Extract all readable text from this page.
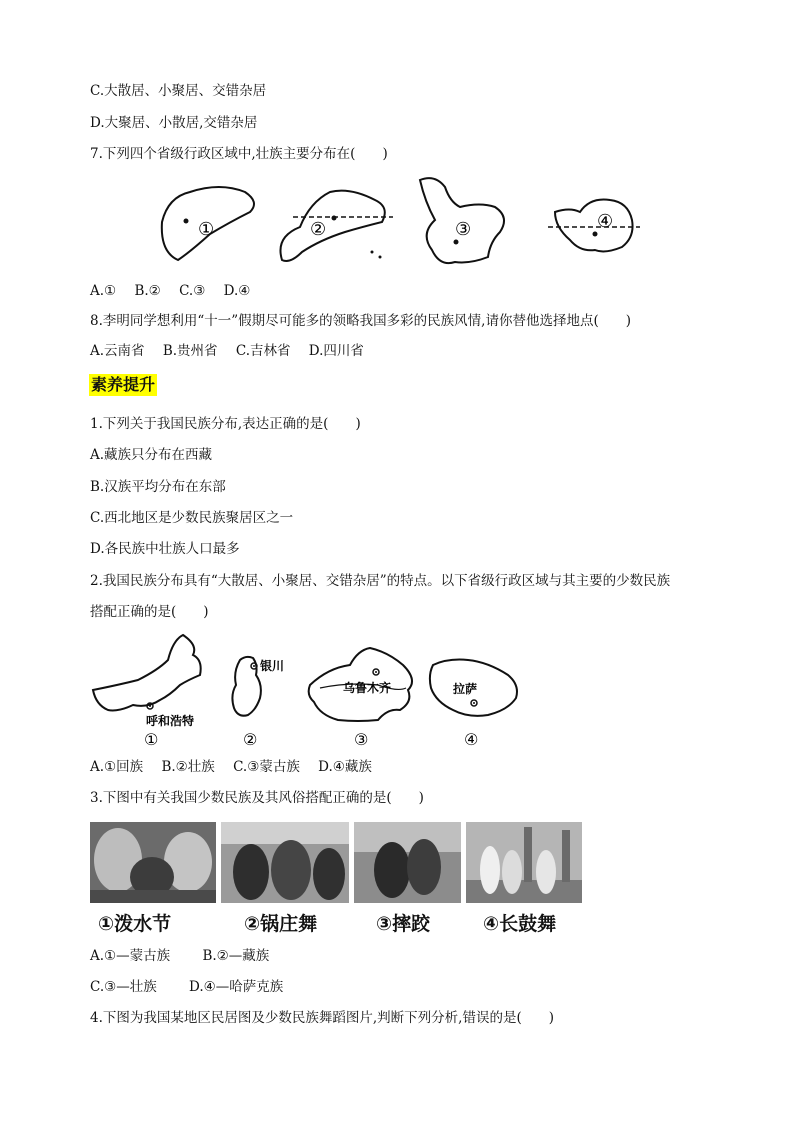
C.大散居、小聚居、交错杂居
D.大聚居、小散居,交错杂居
7.下列四个省级行政区域中,壮族主要分布在(　　)
①	②	③	④
A.① B.② C.③ D.④
8.李明同学想利用“十一”假期尽可能多的领略我国多彩的民族风情,请你替他选择地点(　　)
A.云南省 B.贵州省 C.吉林省 D.四川省
素养提升
1.下列关于我国民族分布,表达正确的是(　　)
A.藏族只分布在西藏
B.汉族平均分布在东部
C.西北地区是少数民族聚居区之一
D.各民族中壮族人口最多
2.我国民族分布具有“大散居、小聚居、交错杂居”的特点。以下省级行政区域与其主要的少数民族
搭配正确的是(　　)
呼和浩特
①
银川
②
乌鲁木齐
③
拉萨
④
A.①回族 B.②壮族 C.③蒙古族 D.④藏族
3.下图中有关我国少数民族及其风俗搭配正确的是(　　)
①泼水节	②锅庄舞	③摔跤	④长鼓舞
A.①—蒙古族 B.②—藏族
C.③—壮族 D.④—哈萨克族
4.下图为我国某地区民居图及少数民族舞蹈图片,判断下列分析,错误的是(　　)
